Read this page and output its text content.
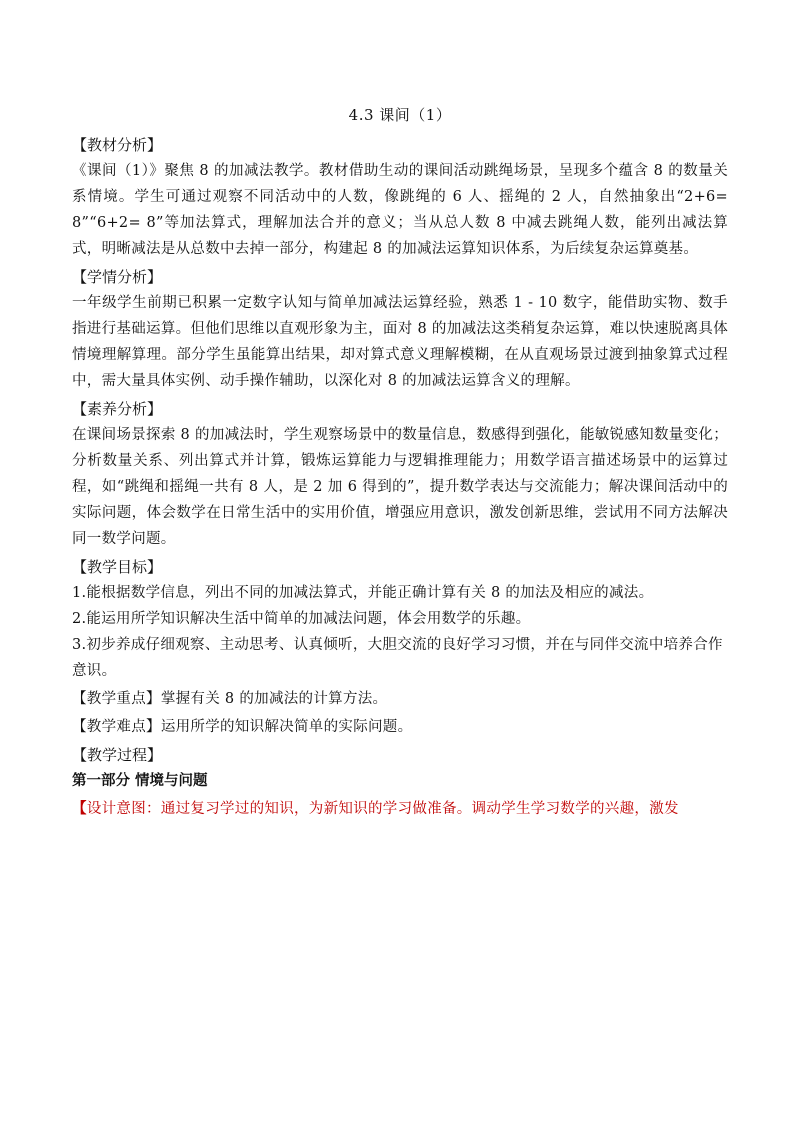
4.3 课间（1）
【教材分析】

《课间（1）》聚焦 8 的加减法教学。教材借助生动的课间活动跳绳场景，呈现多个蕴含 8 的数量关系情境。学生可通过观察不同活动中的人数，像跳绳的 6 人、摇绳的 2 人，自然抽象出“2+6= 8”“6+2= 8”等加法算式，理解加法合并的意义；当从总人数 8 中减去跳绳人数，能列出减法算式，明晰减法是从总数中去掉一部分，构建起 8 的加减法运算知识体系，为后续复杂运算奠基。

【学情分析】

一年级学生前期已积累一定数字认知与简单加减法运算经验，熟悉 1 - 10 数字，能借助实物、数手指进行基础运算。但他们思维以直观形象为主，面对 8 的加减法这类稍复杂运算，难以快速脱离具体情境理解算理。部分学生虽能算出结果，却对算式意义理解模糊，在从直观场景过渡到抽象算式过程中，需大量具体实例、动手操作辅助，以深化对 8 的加减法运算含义的理解。

【素养分析】

在课间场景探索 8 的加减法时，学生观察场景中的数量信息，数感得到强化，能敏锐感知数量变化；分析数量关系、列出算式并计算，锻炼运算能力与逻辑推理能力；用数学语言描述场景中的运算过程，如“跳绳和摇绳一共有 8 人，是 2 加 6 得到的”，提升数学表达与交流能力；解决课间活动中的实际问题，体会数学在日常生活中的实用价值，增强应用意识，激发创新思维，尝试用不同方法解决同一数学问题。

【教学目标】
1.能根据数学信息，列出不同的加减法算式，并能正确计算有关 8 的加法及相应的减法。
2.能运用所学知识解决生活中简单的加减法问题，体会用数学的乐趣。
3.初步养成仔细观察、主动思考、认真倾听，大胆交流的良好学习习惯，并在与同伴交流中培养合作意识。
【教学重点】掌握有关 8 的加减法的计算方法。
【教学难点】运用所学的知识解决简单的实际问题。
【教学过程】
第一部分 情境与问题
【设计意图：通过复习学过的知识，为新知识的学习做准备。调动学生学习数学的兴趣，激发
